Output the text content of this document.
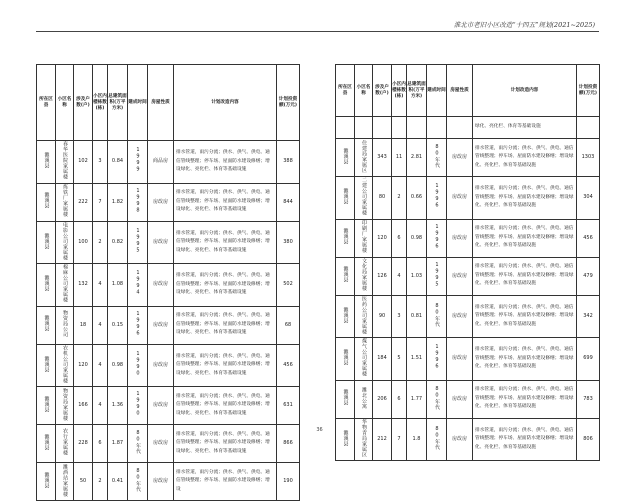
淮北市老旧小区改造“十四五”规划(2021~2025)
所在区县	小区名称	涉及户数(户)	小区内楼栋数(栋)	总建筑面积(万平方米)	建成时间	房屋性质	计划改造内容	计划投资额(万元)
濉溪县	春华医院家属楼	102	3	0.84	1999	商品房	排水管道，雨污分流；供水、供气、供电、通信管线整理；停车场、屋面防水建设修缮；增设绿化、亮化栏、体育等基础设施	388
濉溪县	炼铁厂家属楼	222	7	1.82	1998	房改房	排水管道，雨污分流；供水、供气、供电、通信管线整理；停车场、屋面防水建设修缮；增设绿化、亮化栏、体育等基础设施	844
濉溪县	电影公司家属楼	100	2	0.82	1995	房改房	排水管道，雨污分流；供水、供气、供电、通信管线整理；停车场、屋面防水建设修缮；增设绿化、亮化栏、体育等基础设施	380
濉溪县	棉麻公司家属楼	132	4	1.08	1994	房改房	排水管道，雨污分流；供水、供气、供电、通信管线整理；停车场、屋面防水建设修缮；增设绿化、亮化栏、体育等基础设施	502
濉溪县	物资局公司	18	4	0.15	1996	房改房	排水管道，雨污分流；供水、供气、供电、通信管线整理；停车场、屋面防水建设修缮；增设绿化、亮化栏、体育等基础设施	68
濉溪县	农机公司家属楼	120	4	0.98	1990	房改房	排水管道，雨污分流；供水、供气、供电、通信管线整理；停车场、屋面防水建设修缮；增设绿化、亮化栏、体育等基础设施	456
濉溪县	物资局家属楼	166	4	1.36	1990	房改房	排水管道，雨污分流；供水、供气、供电、通信管线整理；停车场、屋面防水建设修缮；增设绿化、亮化栏、体育等基础设施	631
濉溪县	农行家属楼	228	6	1.87	80年代	房改房	排水管道，雨污分流；供水、供气、供电、通信管线整理；停车场、屋面防水建设修缮；增设绿化、亮化栏、体育等基础设施	866
濉溪县	濉酒站家属楼	50	2	0.41	80年代	房改房	排水管道，雨污分流；供水、供气、供电、通信管线整理；停车场、屋面防水建设修缮；增设	190
所在区县	小区名称	涉及户数(户)	小区内楼栋数(栋)	总建筑面积(万平方米)	建成时间	房屋性质	计划改造内容	计划投资额(万元)
							绿化、亮化栏、体育等基础设施	
濉溪县	住建局家属区	343	11	2.81	80年代	房改房	排水管道，雨污分流；供水、供气、供电、通信管线整理；停车场、屋面防水建设修缮；增设绿化、亮化栏、体育等基础设施	1303
濉溪县	二建公司家属楼	80	2	0.66	1996	房改房	排水管道，雨污分流；供水、供气、供电、通信管线整理；停车场、屋面防水建设修缮；增设绿化、亮化栏、体育等基础设施	304
濉溪县	印刷厂家属楼	120	6	0.98	1996	房改房	排水管道，雨污分流；供水、供气、供电、通信管线整理；停车场、屋面防水建设修缮；增设绿化、亮化栏、体育等基础设施	456
濉溪县	文化局家属楼	126	4	1.03	1995	房改房	排水管道，雨污分流；供水、供气、供电、通信管线整理；停车场、屋面防水建设修缮；增设绿化、亮化栏、体育等基础设施	479
濉溪县	医药公司家属楼	90	3	0.81	80年代	房改房	排水管道，雨污分流；供水、供气、供电、通信管线整理；停车场、屋面防水建设修缮；增设绿化、亮化栏、体育等基础设施	342
濉溪县	煤气公司家属楼	184	5	1.51	1996	房改房	排水管道，雨污分流；供水、供气、供电、通信管线整理；停车场、屋面防水建设修缮；增设绿化、亮化栏、体育等基础设施	699
濉溪县	濉北公寓	206	6	1.77	80年代	房改房	排水管道，雨污分流；供水、供气、供电、通信管线整理；停车场、屋面防水建设修缮；增设绿化、亮化栏、体育等基础设施	783
濉溪县	华物青局家属区	212	7	1.8	80年代	房改房	排水管道，雨污分流；供水、供气、供电、通信管线整理；停车场、屋面防水建设修缮；增设绿化、亮化栏、体育等基础设施	806
36
